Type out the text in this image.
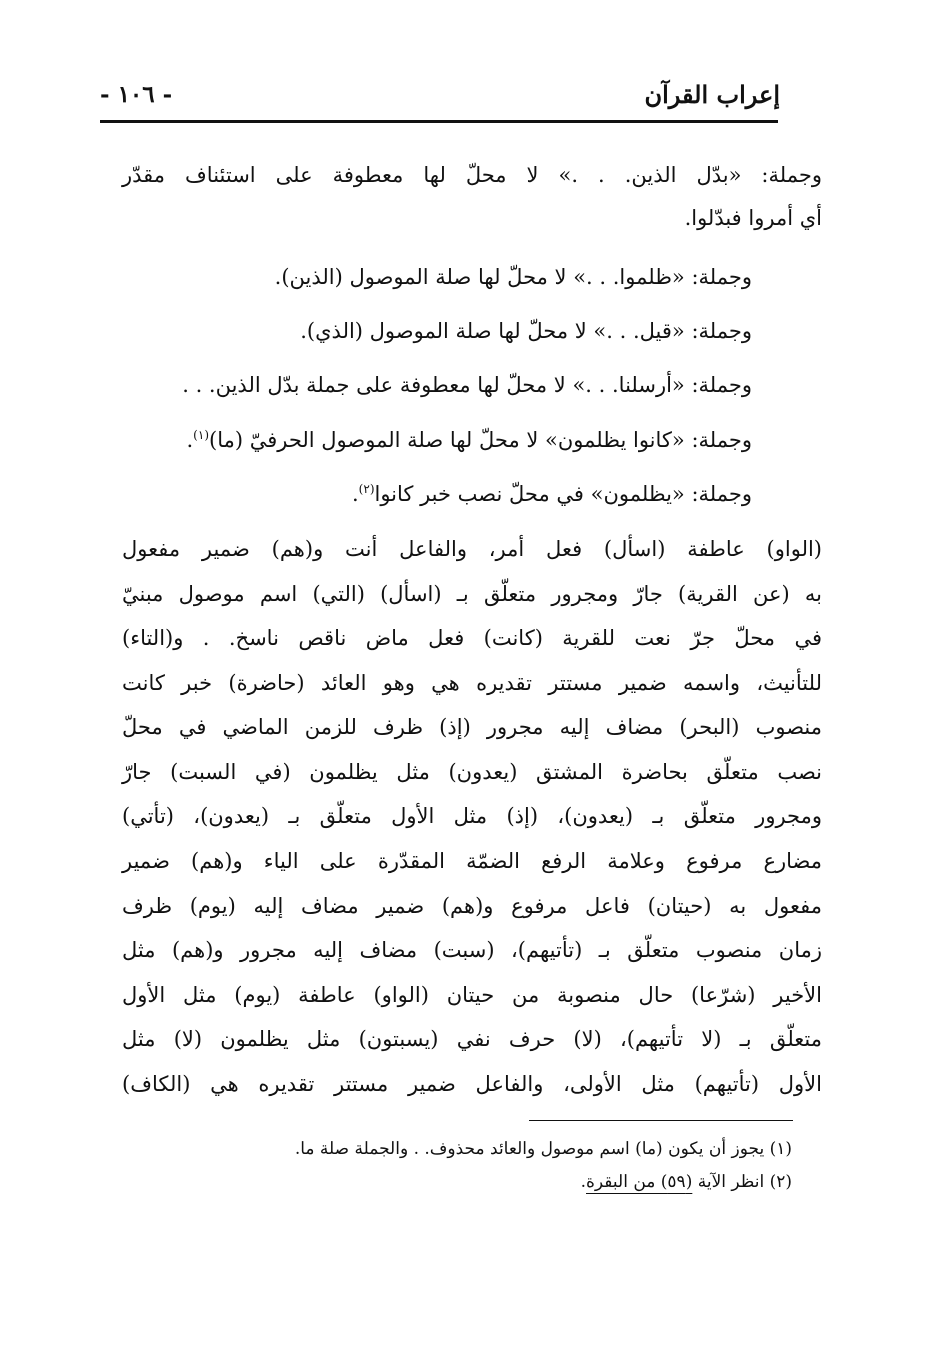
إعراب القرآن
- ١٠٦ -
وجملة: «بدّل الذين. . .» لا محلّ لها معطوفة على استئناف مقدّر
أي أمروا فبدّلوا.
وجملة: «ظلموا. . .» لا محلّ لها صلة الموصول (الذين).
وجملة: «قيل. . .» لا محلّ لها صلة الموصول (الذي).
وجملة: «أرسلنا. . .» لا محلّ لها معطوفة على جملة بدّل الذين. . .
وجملة: «كانوا يظلمون» لا محلّ لها صلة الموصول الحرفيّ (ما)$^{(١)}$.
وجملة: «يظلمون» في محلّ نصب خبر كانوا$^{(٢)}$.
(الواو) عاطفة (اسأل) فعل أمر، والفاعل أنت و(هم) ضمير مفعول
به (عن القرية) جارّ ومجرور متعلّق بـ (اسأل) (التي) اسم موصول مبنيّ
في محلّ جرّ نعت للقرية (كانت) فعل ماض ناقص ناسخ. . و(التاء)
للتأنيث، واسمه ضمير مستتر تقديره هي وهو العائد (حاضرة) خبر كانت
منصوب (البحر) مضاف إليه مجرور (إذ) ظرف للزمن الماضي في محلّ
نصب متعلّق بحاضرة المشتق (يعدون) مثل يظلمون (في السبت) جارّ
ومجرور متعلّق بـ (يعدون)، (إذ) مثل الأول متعلّق بـ (يعدون)، (تأتي)
مضارع مرفوع وعلامة الرفع الضمّة المقدّرة على الياء و(هم) ضمير
مفعول به (حيتان) فاعل مرفوع و(هم) ضمير مضاف إليه (يوم) ظرف
زمان منصوب متعلّق بـ (تأتيهم)، (سبت) مضاف إليه مجرور و(هم) مثل
الأخير (شرّعا) حال منصوبة من حيتان (الواو) عاطفة (يوم) مثل الأول
متعلّق بـ (لا تأتيهم)، (لا) حرف نفي (يسبتون) مثل يظلمون (لا) مثل
الأول (تأتيهم) مثل الأولى، والفاعل ضمير مستتر تقديره هي (الكاف)
(١) يجوز أن يكون (ما) اسم موصول والعائد محذوف. . والجملة صلة ما.
(٢) انظر الآية (٥٩) من البقرة.
